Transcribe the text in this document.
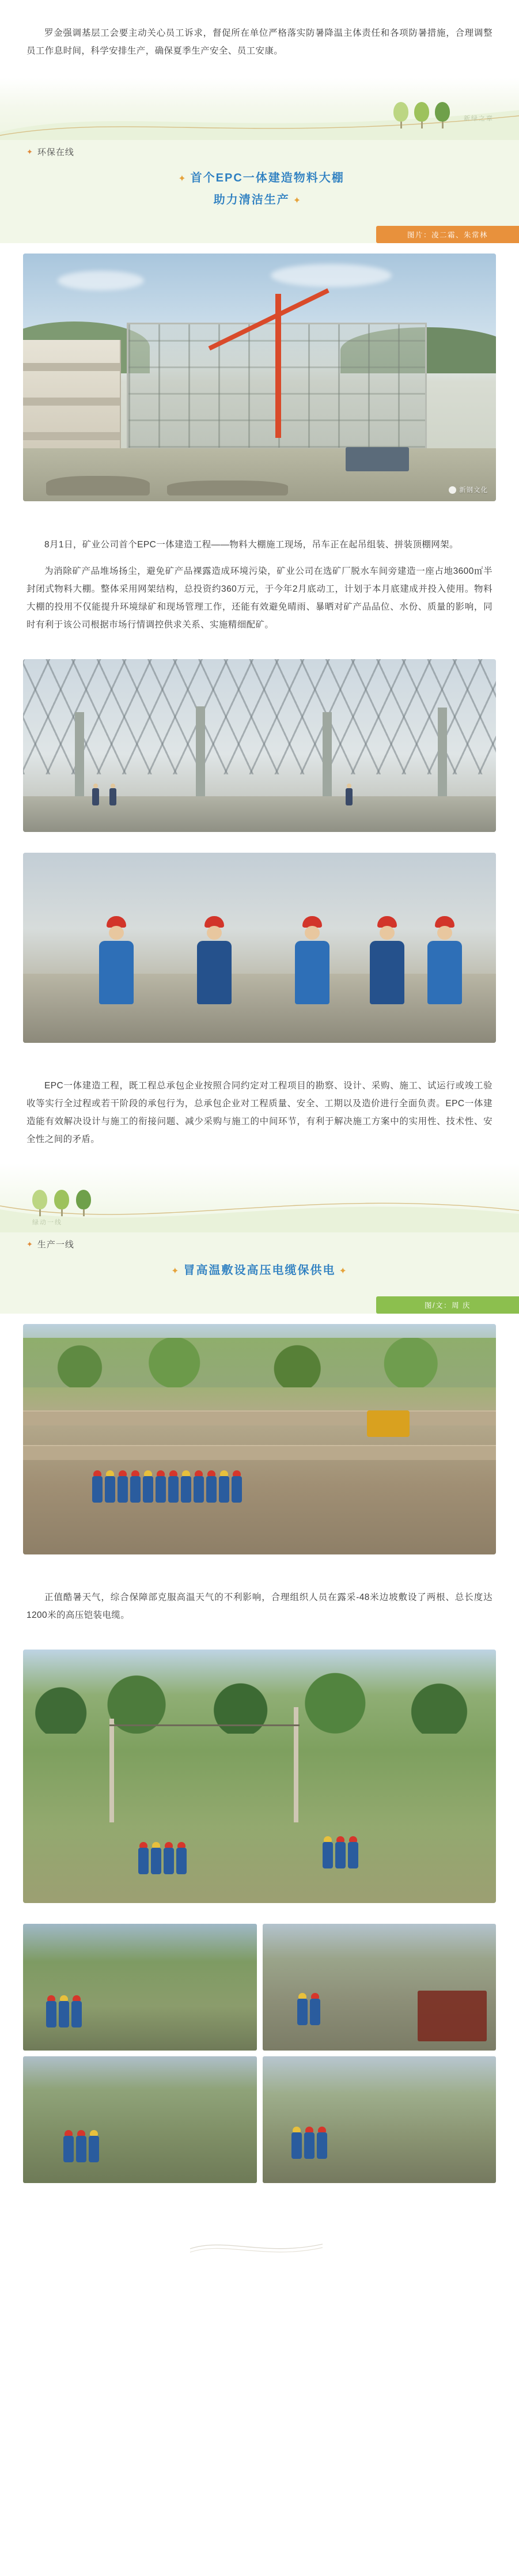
罗金强调基层工会要主动关心员工诉求，督促所在单位严格落实防暑降温主体责任和各项防暑措施，合理调整员工作息时间，科学安排生产，确保夏季生产安全、员工安康。

新绿之章
✦ 环保在线
✦ 首个EPC一体建造物料大棚
助力清洁生产 ✦
图片：凌二霜、朱常林
新钢文化

8月1日，矿业公司首个EPC一体建造工程——物料大棚施工现场，吊车正在起吊组装、拼装顶棚网架。

为消除矿产品堆场扬尘，避免矿产品裸露造成环境污染，矿业公司在选矿厂脱水车间旁建造一座占地3600㎡半封闭式物料大棚。整体采用网架结构，总投资约360万元，于今年2月底动工，计划于本月底建成并投入使用。物料大棚的投用不仅能提升环境绿矿和现场管理工作，还能有效避免晴雨、暴晒对矿产品品位、水份、质量的影响，同时有利于该公司根据市场行情调控供求关系、实施精细配矿。

EPC一体建造工程，既工程总承包企业按照合同约定对工程项目的勘察、设计、采购、施工、试运行或竣工验收等实行全过程或若干阶段的承包行为，总承包企业对工程质量、安全、工期以及造价进行全面负责。EPC一体建造能有效解决设计与施工的衔接问题、减少采购与施工的中间环节，有利于解决施工方案中的实用性、技术性、安全性之间的矛盾。

绿动一线
✦ 生产一线
✦ 冒高温敷设高压电缆保供电 ✦
图/文：周 庆

正值酷暑天气，综合保障部克服高温天气的不利影响，合理组织人员在露采-48米边坡敷设了两根、总长度达1200米的高压铠装电缆。
